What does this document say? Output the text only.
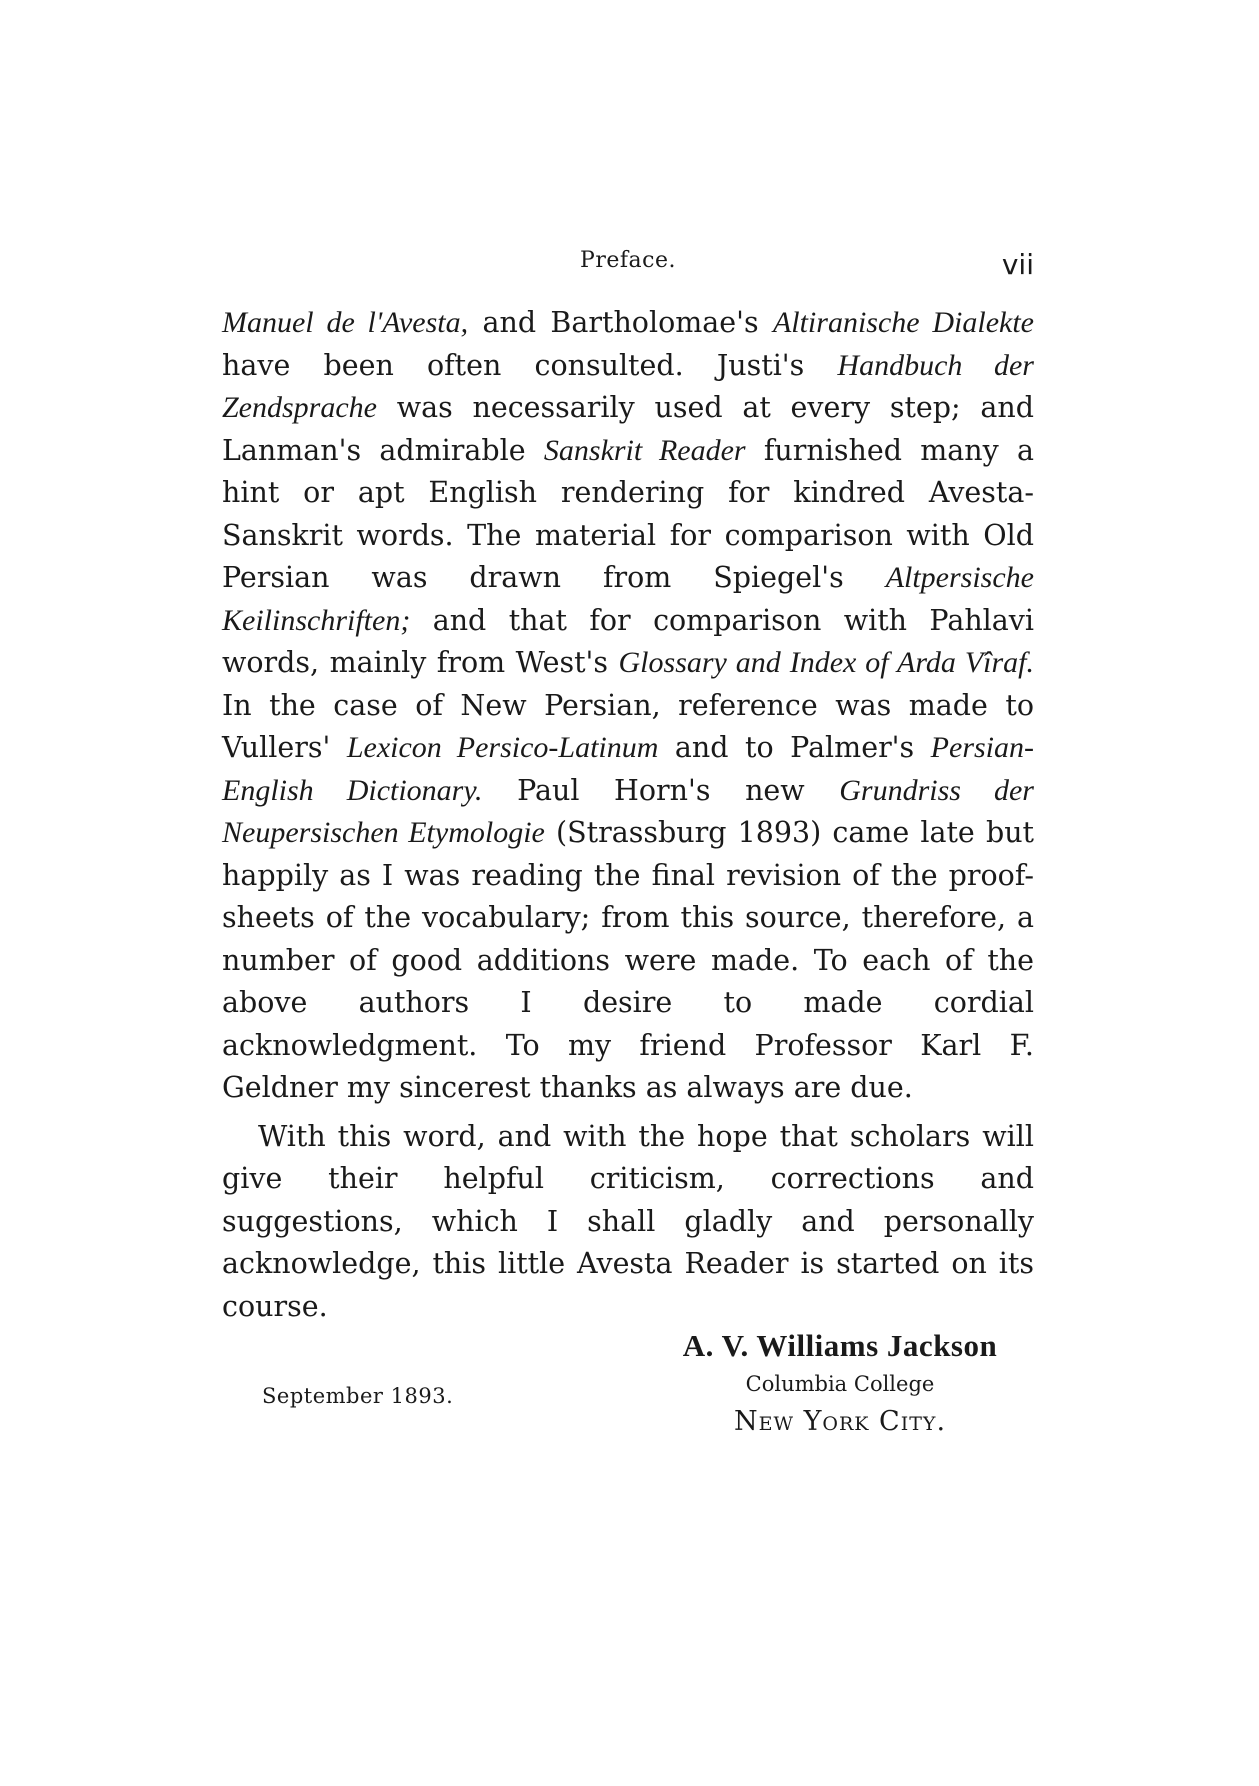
Preface.	vii

Manuel de l'Avesta, and Bartholomae's Altiranische Dialekte have been often consulted. Justi's Handbuch der Zendsprache was necessarily used at every step; and Lanman's admirable Sanskrit Reader furnished many a hint or apt English rendering for kindred Avesta-Sanskrit words. The material for comparison with Old Persian was drawn from Spiegel's Altpersische Keilinschriften; and that for comparison with Pahlavi words, mainly from West's Glossary and Index of Arda Vîraf. In the case of New Persian, reference was made to Vullers' Lexicon Persico-Latinum and to Palmer's Persian-English Dictionary. Paul Horn's new Grundriss der Neupersischen Etymologie (Strassburg 1893) came late but happily as I was reading the final revision of the proof-sheets of the vocabulary; from this source, therefore, a number of good additions were made. To each of the above authors I desire to made cordial acknowledgment. To my friend Professor Karl F. Geldner my sincerest thanks as always are due.

With this word, and with the hope that scholars will give their helpful criticism, corrections and suggestions, which I shall gladly and personally acknowledge, this little Avesta Reader is started on its course.

A. V. Williams Jackson
Columbia College
New York City.
September 1893.
